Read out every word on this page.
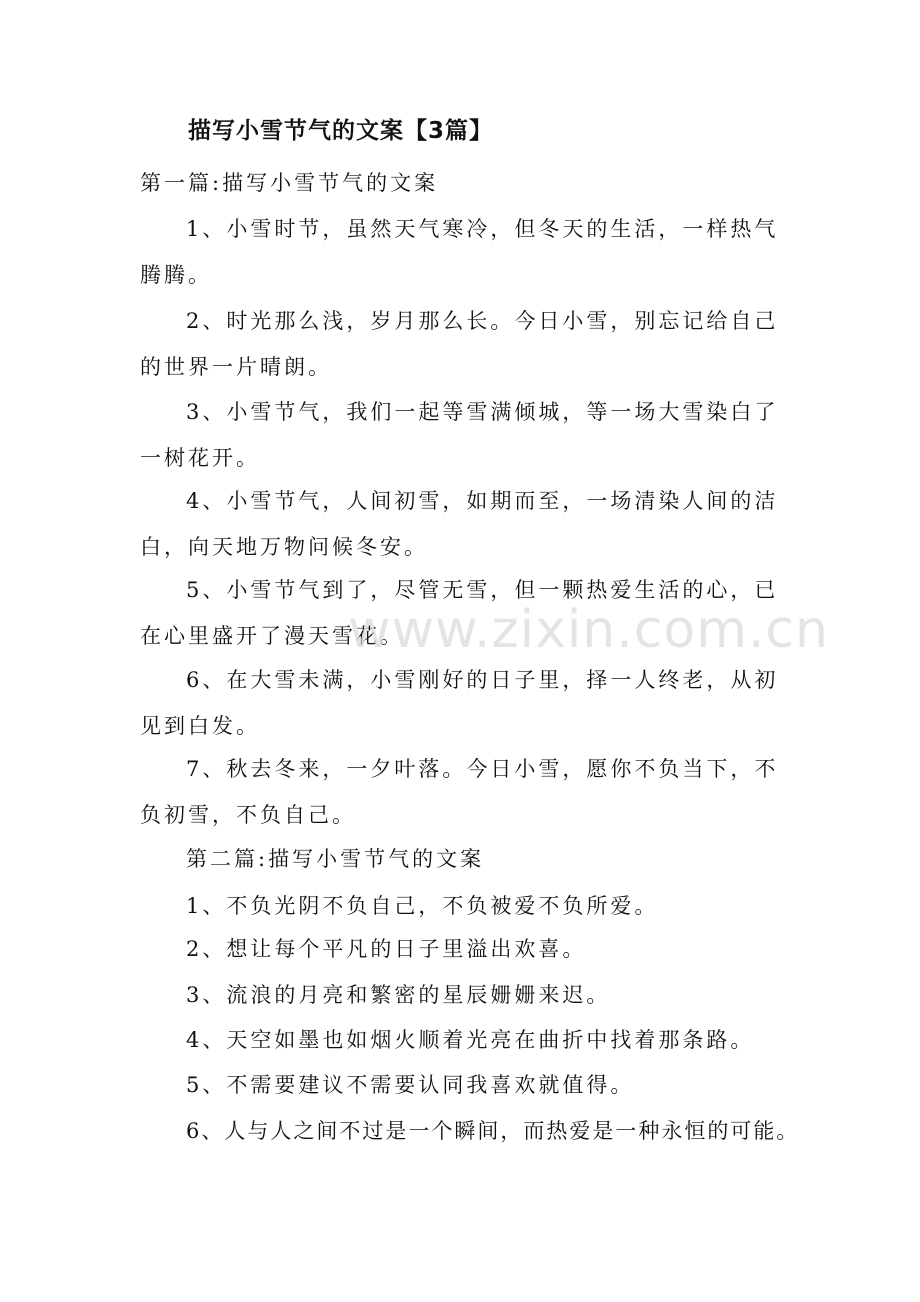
描写小雪节气的文案【3篇】
第一篇:描写小雪节气的文案
1、小雪时节，虽然天气寒冷，但冬天的生活，一样热气腾腾。
2、时光那么浅，岁月那么长。今日小雪，别忘记给自己的世界一片晴朗。
3、小雪节气，我们一起等雪满倾城，等一场大雪染白了一树花开。
4、小雪节气，人间初雪，如期而至，一场清染人间的洁白，向天地万物问候冬安。
5、小雪节气到了，尽管无雪，但一颗热爱生活的心，已在心里盛开了漫天雪花。
6、在大雪未满，小雪刚好的日子里，择一人终老，从初见到白发。
7、秋去冬来，一夕叶落。今日小雪，愿你不负当下，不负初雪，不负自己。
第二篇:描写小雪节气的文案
1、不负光阴不负自己，不负被爱不负所爱。
2、想让每个平凡的日子里溢出欢喜。
3、流浪的月亮和繁密的星辰姗姗来迟。
4、天空如墨也如烟火顺着光亮在曲折中找着那条路。
5、不需要建议不需要认同我喜欢就值得。
6、人与人之间不过是一个瞬间，而热爱是一种永恒的可能。
www.zixin.com.cn
